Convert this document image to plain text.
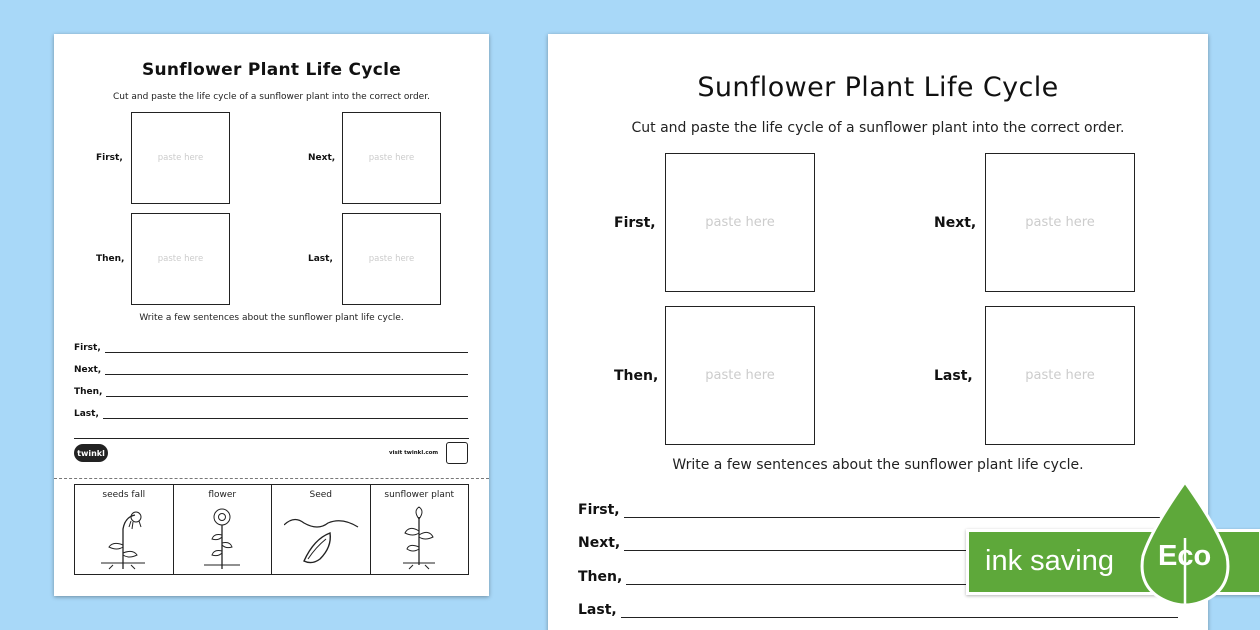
Sunflower Plant Life Cycle
Cut and paste the life cycle of a sunflower plant into the correct order.
First,	paste here	Next,	paste here
Then,	paste here	Last,	paste here
Write a few sentences about the sunflower plant life cycle.
First,
Next,
Then,
Last,
twinkl	visit twinkl.com
seeds fall	flower	Seed	sunflower plant
Sunflower Plant Life Cycle
Cut and paste the life cycle of a sunflower plant into the correct order.
First,	paste here	Next,	paste here
Then,	paste here	Last,	paste here
Write a few sentences about the sunflower plant life cycle.
First,
Next,
Then,
Last,
ink saving Eco
